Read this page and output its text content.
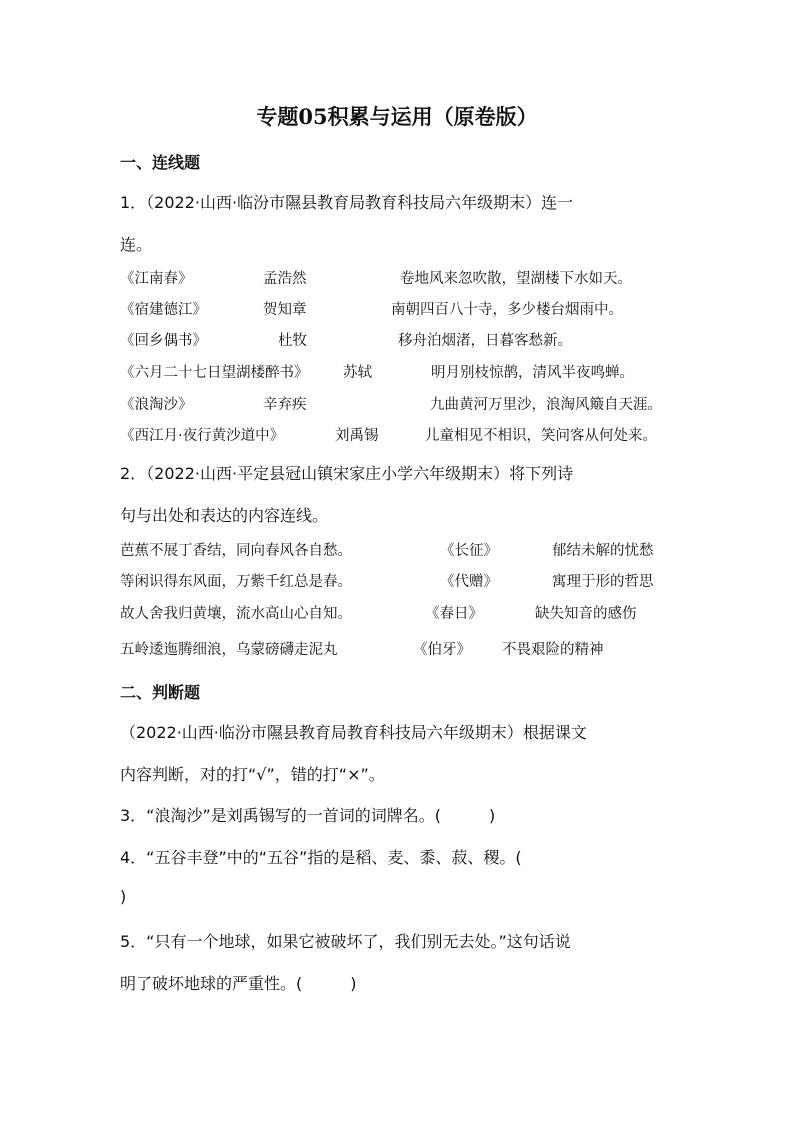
专题05积累与运用（原卷版）
一、连线题
1．（2022·山西·临汾市隰县教育局教育科技局六年级期末）连一
连。
《江南春》	孟浩然	卷地风来忽吹散，望湖楼下水如天。
《宿建德江》	贺知章	南朝四百八十寺，多少楼台烟雨中。
《回乡偶书》	杜牧	移舟泊烟渚，日暮客愁新。
《六月二十七日望湖楼醉书》 苏轼	明月别枝惊鹊，清风半夜鸣蝉。
《浪淘沙》	辛弃疾	九曲黄河万里沙，浪淘风簸自天涯。
《西江月·夜行黄沙道中》	刘禹锡	儿童相见不相识，笑问客从何处来。
2．（2022·山西·平定县冠山镇宋家庄小学六年级期末）将下列诗
句与出处和表达的内容连线。
芭蕉不展丁香结，同向春风各自愁。	《长征》	郁结未解的忧愁
等闲识得东风面，万紫千红总是春。	《代赠》	寓理于形的哲思
故人舍我归黄壤，流水高山心自知。	《春日》	缺失知音的感伤
五岭逶迤腾细浪，乌蒙磅礴走泥丸	《伯牙》 不畏艰险的精神
二、判断题
（2022·山西·临汾市隰县教育局教育科技局六年级期末）根据课文
内容判断，对的打“√”，错的打“×”。
3．“浪淘沙”是刘禹锡写的一首词的词牌名。(　　　)
4．“五谷丰登”中的“五谷”指的是稻、麦、黍、菽、稷。(
)
5．“只有一个地球，如果它被破坏了，我们别无去处。”这句话说
明了破坏地球的严重性。(　　　)
